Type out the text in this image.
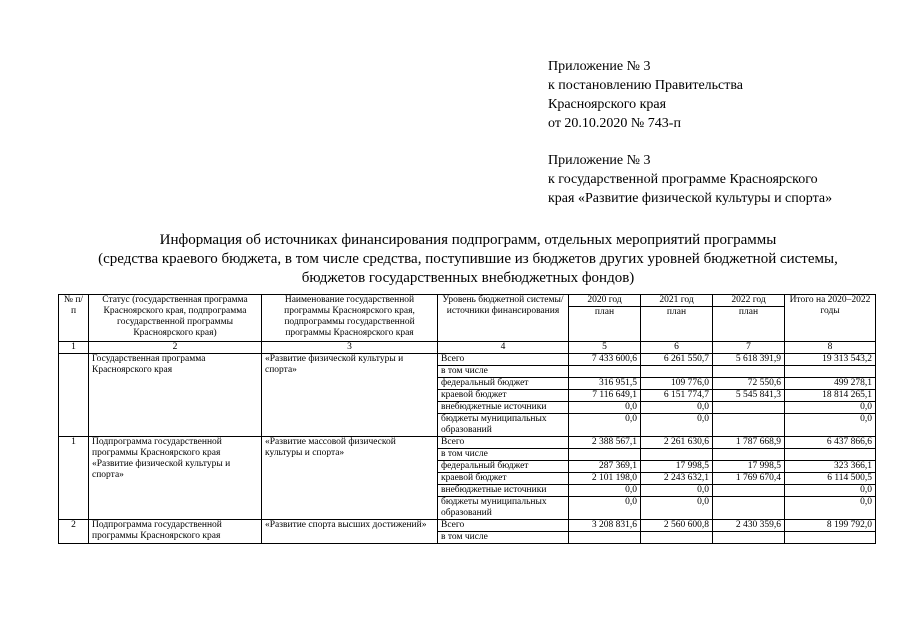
Приложение № 3
к постановлению Правительства
Красноярского края
от 20.10.2020 № 743-п
Приложение № 3
к государственной программе Красноярского
края «Развитие физической культуры и спорта»
Информация об источниках финансирования подпрограмм, отдельных мероприятий программы
(средства краевого бюджета, в том числе средства, поступившие из бюджетов других уровней бюджетной системы,
бюджетов государственных внебюджетных фондов)
№ п/п	Статус (государственная программа Красноярского края, подпрограмма государственной программы Красноярского края)	Наименование государственной программы Красноярского края, подпрограммы государственной программы Красноярского края	Уровень бюджетной системы/ источники финансирования	2020 год	2021 год	2022 год	Итого на 2020–2022 годы
				план	план	план	
1	2	3	4	5	6	7	8
	Государственная программа Красноярского края	«Развитие физической культуры и спорта»	Всего	7 433 600,6	6 261 550,7	5 618 391,9	19 313 543,2
			в том числе				
			федеральный бюджет	316 951,5	109 776,0	72 550,6	499 278,1
			краевой бюджет	7 116 649,1	6 151 774,7	5 545 841,3	18 814 265,1
			внебюджетные источники	0,0	0,0		0,0
			бюджеты муниципальных образований	0,0	0,0		0,0
1	Подпрограмма государственной программы Красноярского края «Развитие физической культуры и спорта»	«Развитие массовой физической культуры и спорта»	Всего	2 388 567,1	2 261 630,6	1 787 668,9	6 437 866,6
			в том числе				
			федеральный бюджет	287 369,1	17 998,5	17 998,5	323 366,1
			краевой бюджет	2 101 198,0	2 243 632,1	1 769 670,4	6 114 500,5
			внебюджетные источники	0,0	0,0		0,0
			бюджеты муниципальных образований	0,0	0,0		0,0
2	Подпрограмма государственной программы Красноярского края	«Развитие спорта высших достижений»	Всего	3 208 831,6	2 560 600,8	2 430 359,6	8 199 792,0
			в том числе				
